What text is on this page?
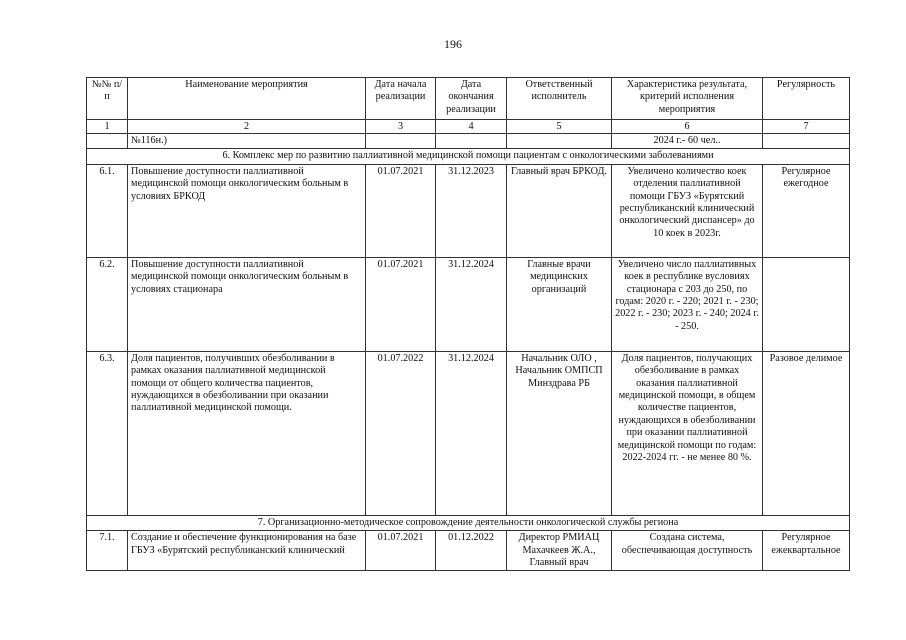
196
№№ п/п	Наименование мероприятия	Дата начала реализации	Дата окончания реализации	Ответственный исполнитель	Характеристика результата, критерий исполнения мероприятия	Регулярность
1	2	3	4	5	6	7
	№116н.)				2024 г.- 60 чел..	
6. Комплекс мер по развитию паллиативной медицинской помощи пациентам с онкологическими заболеваниями						
6.1.	Повышение доступности паллиативной медицинской помощи онкологическим больным в условиях БРКОД	01.07.2021	31.12.2023	Главный врач БРКОД.	Увеличено количество коек отделения паллиативной помощи ГБУЗ «Бурятский республиканский клинический онкологический диспансер» до 10 коек в 2023г.	Регулярное ежегодное
6.2.	Повышение доступности паллиативной медицинской помощи онкологическим больным в условиях стационара	01.07.2021	31.12.2024	Главные врачи медицинских организаций	Увеличено число паллиативных коек в республике вусловиях стационара с 203 до 250, по годам: 2020 г. - 220; 2021 г. - 230; 2022 г. - 230; 2023 г. - 240; 2024 г. - 250.	
6.3.	Доля пациентов, получивших обезболивании в рамках оказания паллиативной медицинской помощи от общего количества пациентов, нуждающихся в обезболивании при оказании паллиативной медицинской помощи.	01.07.2022	31.12.2024	Начальник ОЛО , Начальник ОМПСП Минздрава РБ	Доля пациентов, получающих обезболивание в рамках оказания паллиативной медицинской помощи, в общем количестве пациентов, нуждающихся в обезболивании при оказании паллиативной медицинской помощи по годам: 2022-2024 гг. - не менее 80 %.	Разовое делимое
7. Организационно-методическое сопровождение деятельности онкологической службы региона						
7.1.	Создание и обеспечение функционирования на базе ГБУЗ «Бурятский республиканский клинический	01.07.2021	01.12.2022	Директор РМИАЦ Махачкеев Ж.А., Главный врач	Создана система, обеспечивающая доступность	Регулярное ежеквартальное
